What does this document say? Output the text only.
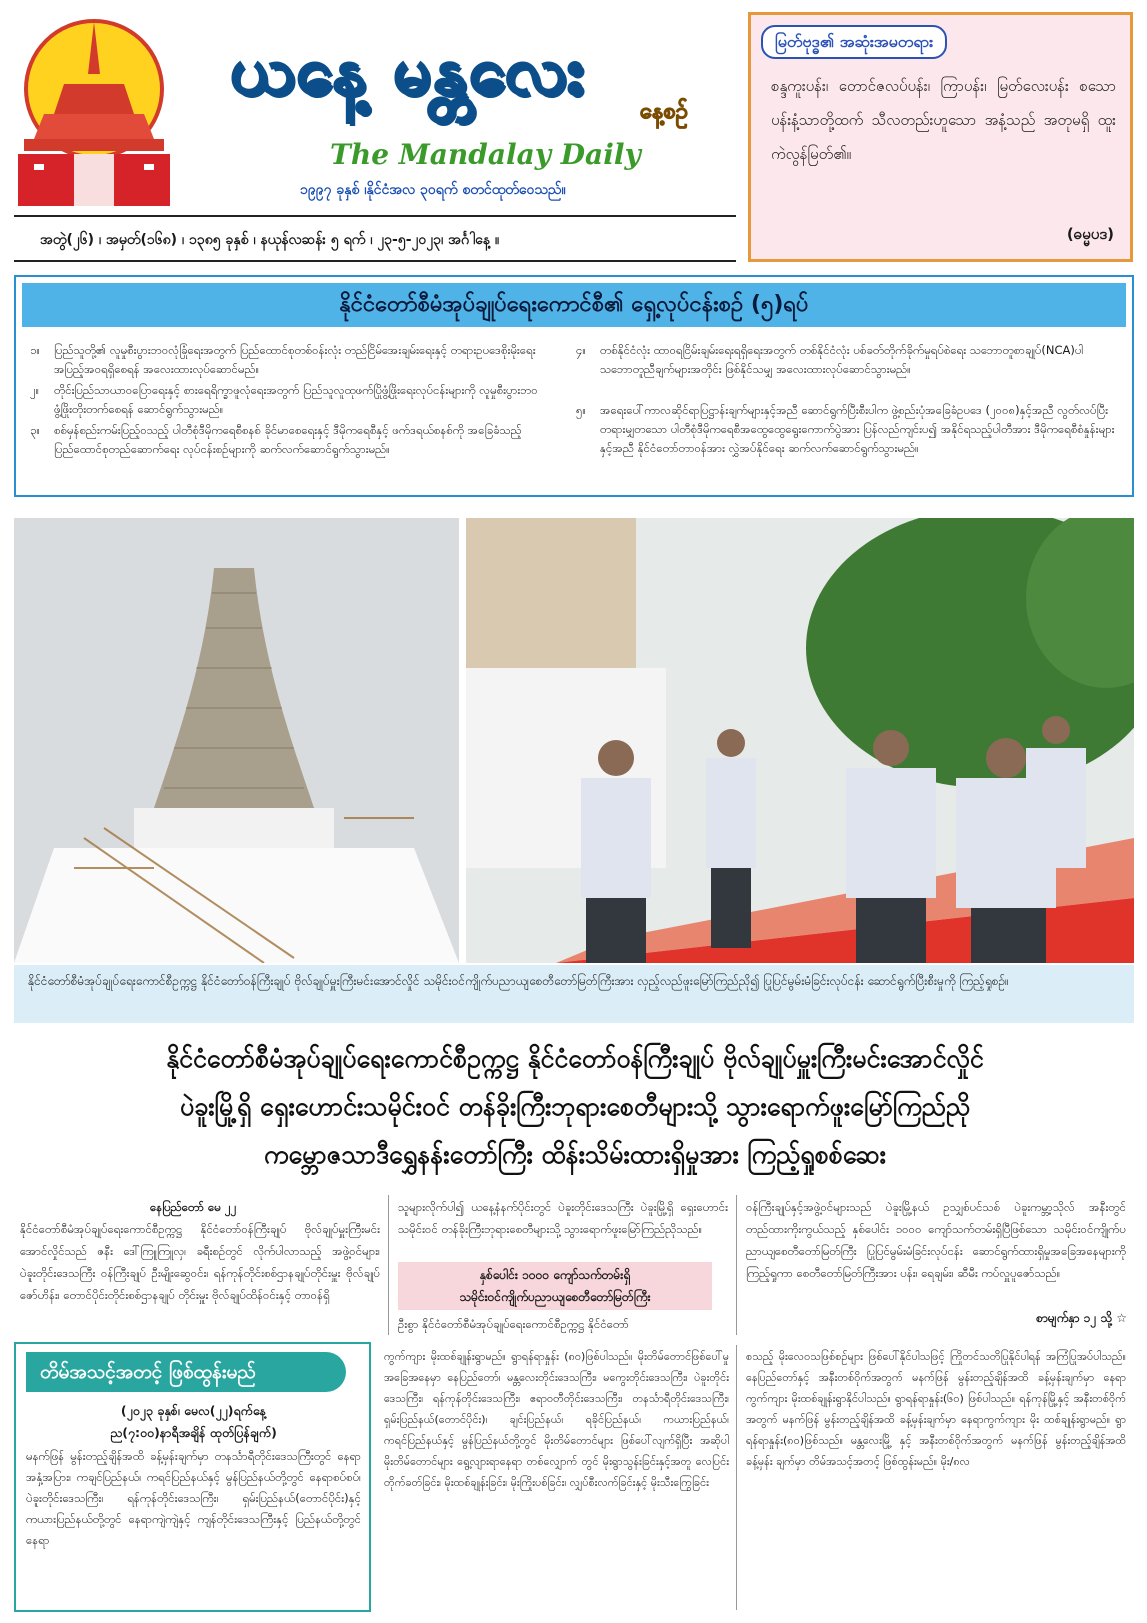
ယနေ့ မန္တလေး
နေ့စဉ်
The Mandalay Daily
၁၉၉၇ ခုနှစ် ၊နိုင်ငံအလ ၃၀ရက် စတင်ထုတ်ဝေသည်။
အတွဲ(၂၆) ၊ အမှတ်(၁၆၈) ၊ ၁၃၈၅ ခုနှစ် ၊ နယုန်လဆန်း ၅ ရက် ၊ ၂၃-၅-၂၀၂၃၊ အင်္ဂါနေ့ ။
မြတ်ဗုဒ္ဓ၏ အဆုံးအမတရား
စန္ဒကူးပန်း၊ တောင်ဇလပ်ပန်း၊ ကြာပန်း၊ မြတ်လေးပန်း စသော ပန်းနံ့သာတို့ထက် သီလတည်းဟူသော အနံ့သည် အတုမရှိ ထူးကဲလွန်မြတ်၏။
(ဓမ္မပဒ)
နိုင်ငံတော်စီမံအုပ်ချုပ်ရေးကောင်စီ၏ ရှေ့လုပ်ငန်းစဉ် (၅)ရပ်
၁။	ပြည်သူတို့၏ လူမှုစီးပွားဘဝလုံခြုံရေးအတွက် ပြည်ထောင်စုတစ်ဝန်းလုံး တည်ငြိမ်အေးချမ်းရေးနှင့် တရားဥပဒေစိုးမိုးရေး အပြည့်အဝရရှိစေရန် အလေးထားလုပ်ဆောင်မည်။
၂။	တိုင်းပြည်သာယာဝပြောရေးနှင့် စားရေရိက္ခာဖူလုံရေးအတွက် ပြည်သူလူထုဖက်ပြိုဖွံ့ဖြိုးရေးလုပ်ငန်းများကို လူမှုစီးပွားဘဝဖွံ့ဖြိုးတိုးတက်စေရန် ဆောင်ရွက်သွားမည်။
၃။	စစ်မှန်စည်းကမ်းပြည့်ဝသည့် ပါတီစုံဒီမိုကရေစီစနစ် ခိုင်မာစေရေးနှင့် ဒီမိုကရေစီနှင့် ဖက်ဒရယ်စနစ်ကို အခြေခံသည့် ပြည်ထောင်စုတည်ဆောက်ရေး လုပ်ငန်းစဉ်များကို ဆက်လက်ဆောင်ရွက်သွားမည်။
၄။	တစ်နိုင်ငံလုံး ထာဝရငြိမ်းချမ်းရေးရရှိရေးအတွက် တစ်နိုင်ငံလုံး ပစ်ခတ်တိုက်ခိုက်မှုရပ်စဲရေး သဘောတူစာချုပ်(NCA)ပါ သဘောတူညီချက်များအတိုင်း ဖြစ်နိုင်သမျှ အလေးထားလုပ်ဆောင်သွားမည်။
၅။	အရေးပေါ်ကာလဆိုင်ရာပြဋ္ဌာန်းချက်များနှင့်အညီ ဆောင်ရွက်ပြီးစီးပါက ဖွဲ့စည်းပုံအခြေခံဥပဒေ (၂၀၀၈)နှင့်အညီ လွတ်လပ်ပြီး တရားမျှတသော ပါတီစုံဒီမိုကရေစီအထွေထွေရွေးကောက်ပွဲအား ပြန်လည်ကျင်းပ၍ အနိုင်ရသည့်ပါတီအား ဒီမိုကရေစီစံနှုန်းများနှင့်အညီ နိုင်ငံတော်တာဝန်အား လွှဲအပ်နိုင်ရေး ဆက်လက်ဆောင်ရွက်သွားမည်။
နိုင်ငံတော်စီမံအုပ်ချုပ်ရေးကောင်စီဥက္ကဋ္ဌ နိုင်ငံတော်ဝန်ကြီးချုပ် ဗိုလ်ချုပ်မှူးကြီးမင်းအောင်လှိုင် သမိုင်းဝင်ကျိုက်ပညာယျစေတီတော်မြတ်ကြီးအား လှည့်လည်ဖူးမြော်ကြည်ညို၍ ပြုပြင်မွမ်းမံခြင်းလုပ်ငန်း ဆောင်ရွက်ပြီးစီးမှုကို ကြည့်ရှုစဉ်။
နိုင်ငံတော်စီမံအုပ်ချုပ်ရေးကောင်စီဥက္ကဋ္ဌ နိုင်ငံတော်ဝန်ကြီးချုပ် ဗိုလ်ချုပ်မှူးကြီးမင်းအောင်လှိုင်
ပဲခူးမြို့ရှိ ရှေးဟောင်းသမိုင်းဝင် တန်ခိုးကြီးဘုရားစေတီများသို့ သွားရောက်ဖူးမြော်ကြည်ညို
ကမ္ဘောဇသာဒီရွှေနန်းတော်ကြီး ထိန်းသိမ်းထားရှိမှုအား ကြည့်ရှုစစ်ဆေး
နေပြည်တော် မေ ၂၂
နိုင်ငံတော်စီမံအုပ်ချုပ်ရေးကောင်စီဥက္ကဋ္ဌ နိုင်ငံတော်ဝန်ကြီးချုပ် ဗိုလ်ချုပ်မှူးကြီးမင်းအောင်လှိုင်သည် ဇနီး ဒေါ်ကြူကြူလှ၊ ခရီးစဉ်တွင် လိုက်ပါလာသည့် အဖွဲ့ဝင်များ၊ ပဲခူးတိုင်းဒေသကြီး ဝန်ကြီးချုပ် ဦးမျိုးဆွေဝင်း၊ ရန်ကုန်တိုင်းစစ်ဌာနချုပ်တိုင်းမှူး ဗိုလ်ချုပ်ဇော်ဟိန်း၊ တောင်ပိုင်းတိုင်းစစ်ဌာနချုပ် တိုင်းမှူး ဗိုလ်ချုပ်ထိန်ဝင်းနှင့် တာဝန်ရှိ
သူများလိုက်ပါ၍ ယနေ့နံနက်ပိုင်းတွင် ပဲခူးတိုင်းဒေသကြီး ပဲခူးမြို့ရှိ ရှေးဟောင်းသမိုင်းဝင် တန်ခိုးကြီးဘုရားစေတီများသို့ သွားရောက်ဖူးမြော်ကြည်ညိုသည်။
နှစ်ပေါင်း ၁၀၀၀ ကျော်သက်တမ်းရှိ
သမိုင်းဝင်ကျိုက်ပညာယျစေတီတော်မြတ်ကြီး
ဦးစွာ နိုင်ငံတော်စီမံအုပ်ချုပ်ရေးကောင်စီဥက္ကဋ္ဌ နိုင်ငံတော်
ဝန်ကြီးချုပ်နှင့်အဖွဲ့ဝင်များသည် ပဲခူးမြို့နယ် ဥသျှစ်ပင်သစ် ပဲခူးကမ္ဘာ့သိုလ် အနီးတွင် တည်ထားကိုးကွယ်သည့် နှစ်ပေါင်း ၁၀၀၀ ကျော်သက်တမ်းရှိပြီဖြစ်သော သမိုင်းဝင်ကျိုက်ပညာယျစေတီတော်မြတ်ကြီး ပြုပြင်မွမ်းမံခြင်းလုပ်ငန်း ဆောင်ရွက်ထားရှိမှုအခြေအနေများကို ကြည့်ရှုကာ စေတီတော်မြတ်ကြီးအား ပန်း၊ ရေချမ်း၊ ဆီမီး ကပ်လှူပူဇော်သည်။
စာမျက်နှာ ၁၂ သို့ ☆
တိမ်အသင့်အတင့် ဖြစ်ထွန်းမည်
(၂၀၂၃ ခုနှစ်၊ မေလ(၂၂)ရက်နေ့
ည(၇:၀၀)နာရီအချိန် ထုတ်ပြန်ချက်)
မနက်ဖြန် မွန်းတည့်ချိန်အထိ ခန့်မှန်းချက်မှာ တနင်္သာရီတိုင်းဒေသကြီးတွင် နေရာအနှံ့အပြား၊ ကချင်ပြည်နယ်၊ ကရင်ပြည်နယ်နှင့် မွန်ပြည်နယ်တို့တွင် နေရာစပ်စပ်၊ ပဲခူးတိုင်းဒေသကြီး၊ ရန်ကုန်တိုင်းဒေသကြီး၊ ရှမ်းပြည်နယ်(တောင်ပိုင်း)နှင့် ကယားပြည်နယ်တို့တွင် နေရာကျဲကျဲနှင့် ကျန်တိုင်းဒေသကြီးနှင့် ပြည်နယ်တို့တွင် နေရာ
ကွက်ကျား မိုးထစ်ချုန်းရွာမည်။ ရွာရန်ရာနှုန်း (၈၀)ဖြစ်ပါသည်။ မိုးတိမ်တောင်ဖြစ်ပေါ်မှုအခြေအနေမှာ နေပြည်တော်၊ မန္တလေးတိုင်းဒေသကြီး၊ မကွေးတိုင်းဒေသကြီး၊ ပဲခူးတိုင်းဒေသကြီး၊ ရန်ကုန်တိုင်းဒေသကြီး၊ ဧရာဝတီတိုင်းဒေသကြီး၊ တနင်္သာရီတိုင်းဒေသကြီး၊ ရှမ်းပြည်နယ်(တောင်ပိုင်း)၊ ချင်းပြည်နယ်၊ ရခိုင်ပြည်နယ်၊ ကယားပြည်နယ်၊ ကရင်ပြည်နယ်နှင့် မွန်ပြည်နယ်တို့တွင် မိုးတိမ်တောင်များ ဖြစ်ပေါ်လျက်ရှိပြီး အဆိုပါမိုးတိမ်တောင်များ ရွေ့လျားရာနေရာ တစ်လျှောက် တွင် မိုးရွာသွန်းခြင်းနှင့်အတူ လေပြင်းတိုက်ခတ်ခြင်း၊ မိုးထစ်ချုန်းခြင်း၊ မိုးကြိုးပစ်ခြင်း၊ လျှပ်စီးလက်ခြင်းနှင့် မိုးသီးကြွေခြင်း
စသည့် မိုးလေဝသဖြစ်စဉ်များ ဖြစ်ပေါ်နိုင်ပါသဖြင့် ကြိုတင်သတိပြုနိုင်ပါရန် အကြံပြုအပ်ပါသည်။ နေပြည်တော်နှင့် အနီးတစ်ဝိုက်အတွက် မနက်ဖြန် မွန်းတည့်ချိန်အထိ ခန့်မှန်းချက်မှာ နေရာကွက်ကျား မိုးထစ်ချုန်းရွာနိုင်ပါသည်။ ရွာရန်ရာနှုန်း(၆၀) ဖြစ်ပါသည်။ ရန်ကုန်မြို့နှင့် အနီးတစ်ဝိုက်အတွက် မနက်ဖြန် မွန်းတည့်ချိန်အထိ ခန့်မှန်းချက်မှာ နေရာကွက်ကျား မိုး ထစ်ချုန်းရွာမည်။ ရွာရန်ရာနှုန်း(၈၀)ဖြစ်သည်။ မန္တလေးမြို့ နှင့် အနီးတစ်ဝိုက်အတွက် မနက်ဖြန် မွန်းတည့်ချိန်အထိ ခန့်မှန်း ချက်မှာ တိမ်အသင့်အတင့် ဖြစ်ထွန်းမည်။ မိုး/၈လ
